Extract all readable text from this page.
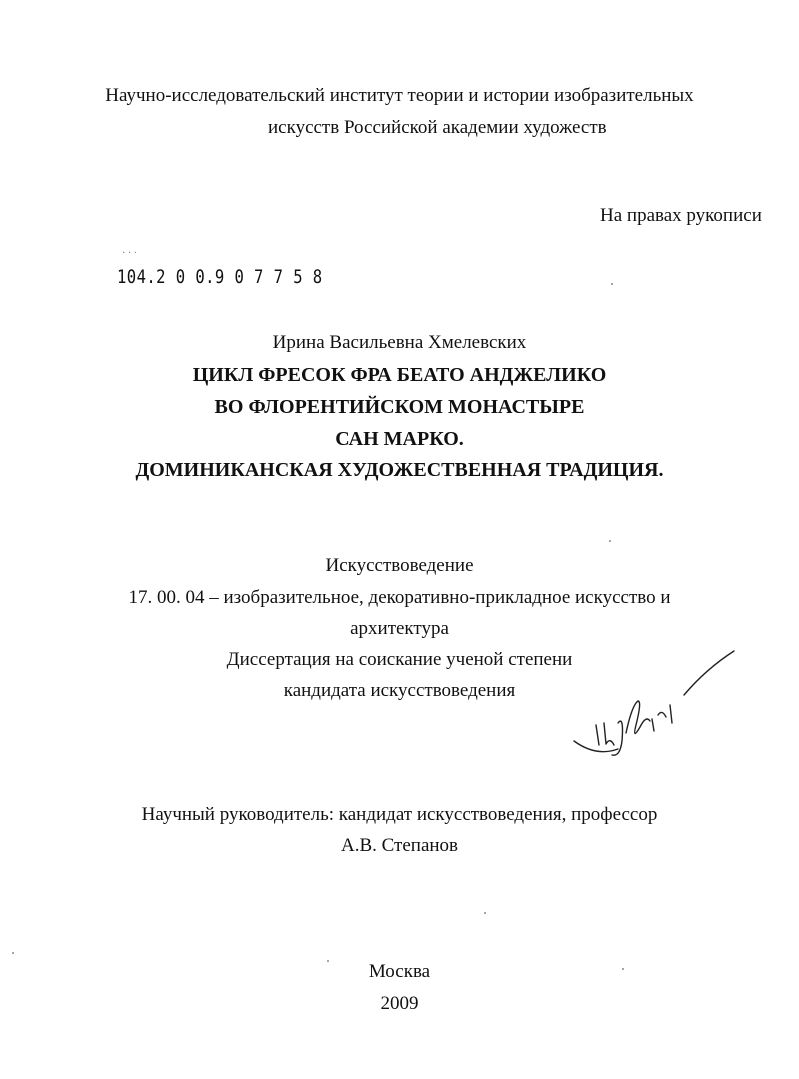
Научно-исследовательский институт теории и истории изобразительных
искусств Российской академии художеств
На правах рукописи
· · ·
104.2 0 0.9 0 7 7 5 8
Ирина Васильевна Хмелевских
ЦИКЛ ФРЕСОК ФРА БЕАТО АНДЖЕЛИКО
ВО ФЛОРЕНТИЙСКОМ МОНАСТЫРЕ
САН МАРКО.
ДОМИНИКАНСКАЯ ХУДОЖЕСТВЕННАЯ ТРАДИЦИЯ.
Искусствоведение
17. 00. 04 – изобразительное, декоративно-прикладное искусство и
архитектура
Диссертация на соискание ученой степени
кандидата искусствоведения
Научный руководитель: кандидат искусствоведения, профессор
А.В. Степанов
Москва
2009
